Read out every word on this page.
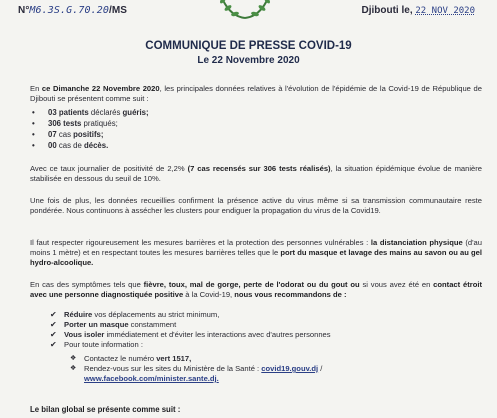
N°M6.3S.G.70.20/MS	Djibouti le, 22 NOV 2020
COMMUNIQUE DE PRESSE COVID-19
Le 22 Novembre 2020
En ce Dimanche 22 Novembre 2020, les principales données relatives à l'évolution de l'épidémie de la Covid-19 de République de Djibouti se présentent comme suit :
• 03 patients déclarés guéris;
• 306 tests pratiqués;
• 07 cas positifs;
• 00 cas de décès.
Avec ce taux journalier de positivité de 2,2% (7 cas recensés sur 306 tests réalisés), la situation épidémique évolue de manière stabilisée en dessous du seuil de 10%.
Une fois de plus, les données recueillies confirment la présence active du virus même si sa transmission communautaire reste pondérée. Nous continuons à assécher les clusters pour endiguer la propagation du virus de la Covid19.
Il faut respecter rigoureusement les mesures barrières et la protection des personnes vulnérables : la distanciation physique (d'au moins 1 mètre) et en respectant toutes les mesures barrières telles que le port du masque et lavage des mains au savon ou au gel hydro-alcoolique.
En cas des symptômes tels que fièvre, toux, mal de gorge, perte de l'odorat ou du gout ou si vous avez été en contact étroit avec une personne diagnostiquée positive à la Covid-19, nous vous recommandons de :
✔ Réduire vos déplacements au strict minimum,
✔ Porter un masque constamment
✔ Vous isoler immédiatement et d'éviter les interactions avec d'autres personnes
✔ Pour toute information :
❖ Contactez le numéro vert 1517,
❖ Rendez-vous sur les sites du Ministère de la Santé : covid19.gouv.dj /
www.facebook.com/minister.sante.dj.
Le bilan global se présente comme suit :
